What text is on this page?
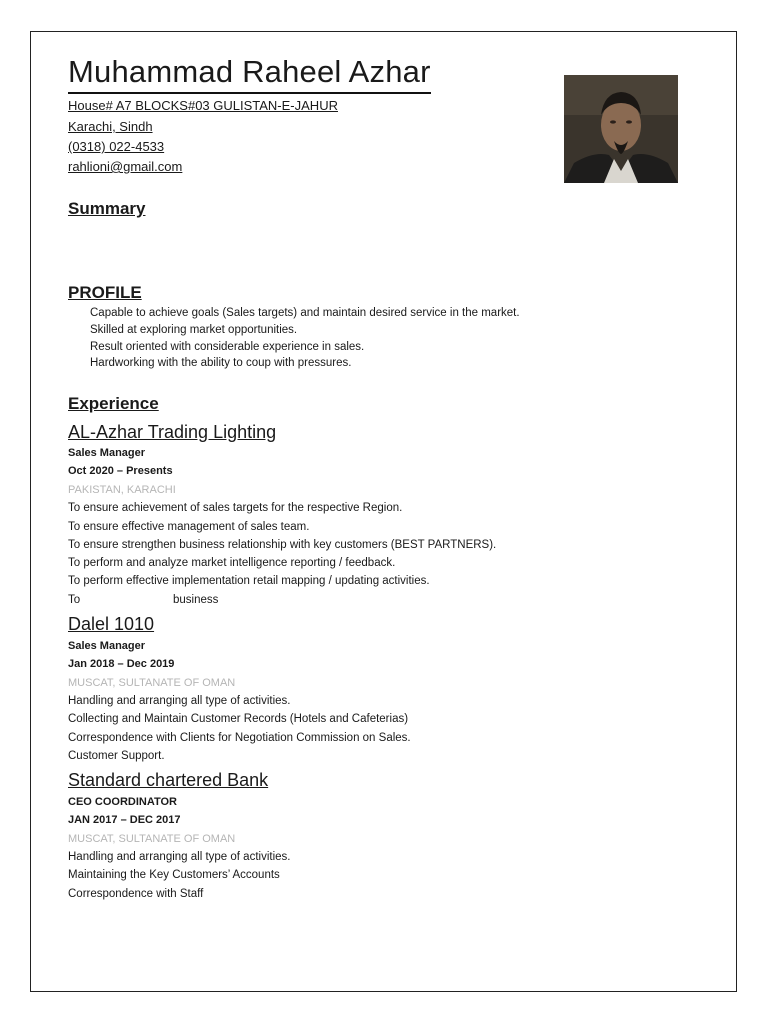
Muhammad Raheel Azhar
House# A7 BLOCKS#03 GULISTAN-E-JAHUR
Karachi, Sindh
(0318) 022-4533
rahlioni@gmail.com
Summary
PROFILE
Capable to achieve goals (Sales targets) and maintain desired service in the market.
Skilled at exploring market opportunities.
Result oriented with considerable experience in sales.
Hardworking with the ability to coup with pressures.
Experience
AL-Azhar Trading Lighting
Sales Manager
Oct 2020 – Presents
PAKISTAN, KARACHI
To ensure achievement of sales targets for the respective Region.
To ensure effective management of sales team.
To ensure strengthen business relationship with key customers (BEST PARTNERS).
To perform and analyze market intelligence reporting / feedback.
To perform effective implementation retail mapping / updating activities.
To	business
Dalel 1010
Sales Manager
Jan 2018 – Dec 2019
MUSCAT, SULTANATE OF OMAN
Handling and arranging all type of activities.
Collecting and Maintain Customer Records (Hotels and Cafeterias)
Correspondence with Clients for Negotiation Commission on Sales.
Customer Support.
Standard chartered Bank
CEO COORDINATOR
JAN 2017 – DEC 2017
MUSCAT, SULTANATE OF OMAN
Handling and arranging all type of activities.
Maintaining the Key Customers’ Accounts
Correspondence with Staff
